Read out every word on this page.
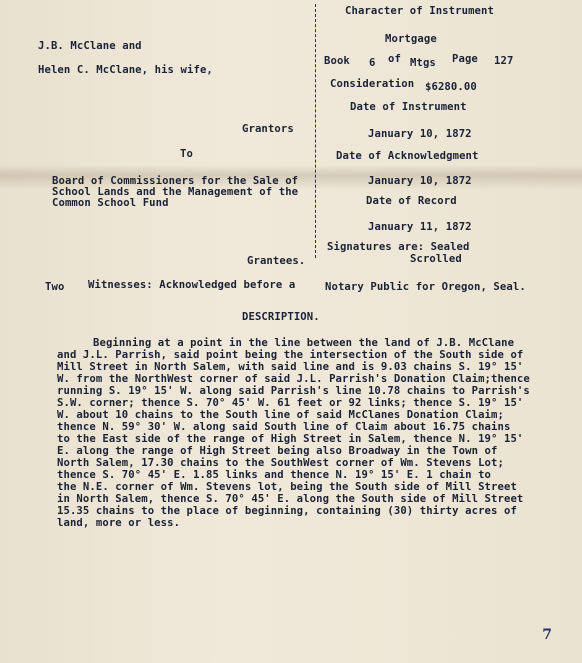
J.B. McClane and
Helen C. McClane, his wife,
Grantors
To
Board of Commissioners for the Sale of
School Lands and the Management of the
Common School Fund
Grantees.
Character of Instrument
Mortgage
Book 6 of Mtgs Page 127
Consideration $6280.00
Date of Instrument
January 10, 1872
Date of Acknowledgment
January 10, 1872
Date of Record
January 11, 1872
Signatures are: Sealed
Scrolled
Two Witnesses: Acknowledged before a	Notary Public for Oregon, Seal.
DESCRIPTION.
Beginning at a point in the line between the land of J.B. McClane
and J.L. Parrish, said point being the intersection of the South side of
Mill Street in North Salem, with said line and is 9.03 chains S. 19° 15'
W. from the NorthWest corner of said J.L. Parrish's Donation Claim;thence
running S. 19° 15' W. along said Parrish's line 10.78 chains to Parrish's
S.W. corner; thence S. 70° 45' W. 61 feet or 92 links; thence S. 19° 15'
W. about 10 chains to the South line of said McClanes Donation Claim;
thence N. 59° 30' W. along said South line of Claim about 16.75 chains
to the East side of the range of High Street in Salem, thence N. 19° 15'
E. along the range of High Street being also Broadway in the Town of
North Salem, 17.30 chains to the SouthWest corner of Wm. Stevens Lot;
thence S. 70° 45' E. 1.85 links and thence N. 19° 15' E. 1 chain to
the N.E. corner of Wm. Stevens lot, being the South side of Mill Street
in North Salem, thence S. 70° 45' E. along the South side of Mill Street
15.35 chains to the place of beginning, containing (30) thirty acres of
land, more or less.
7
